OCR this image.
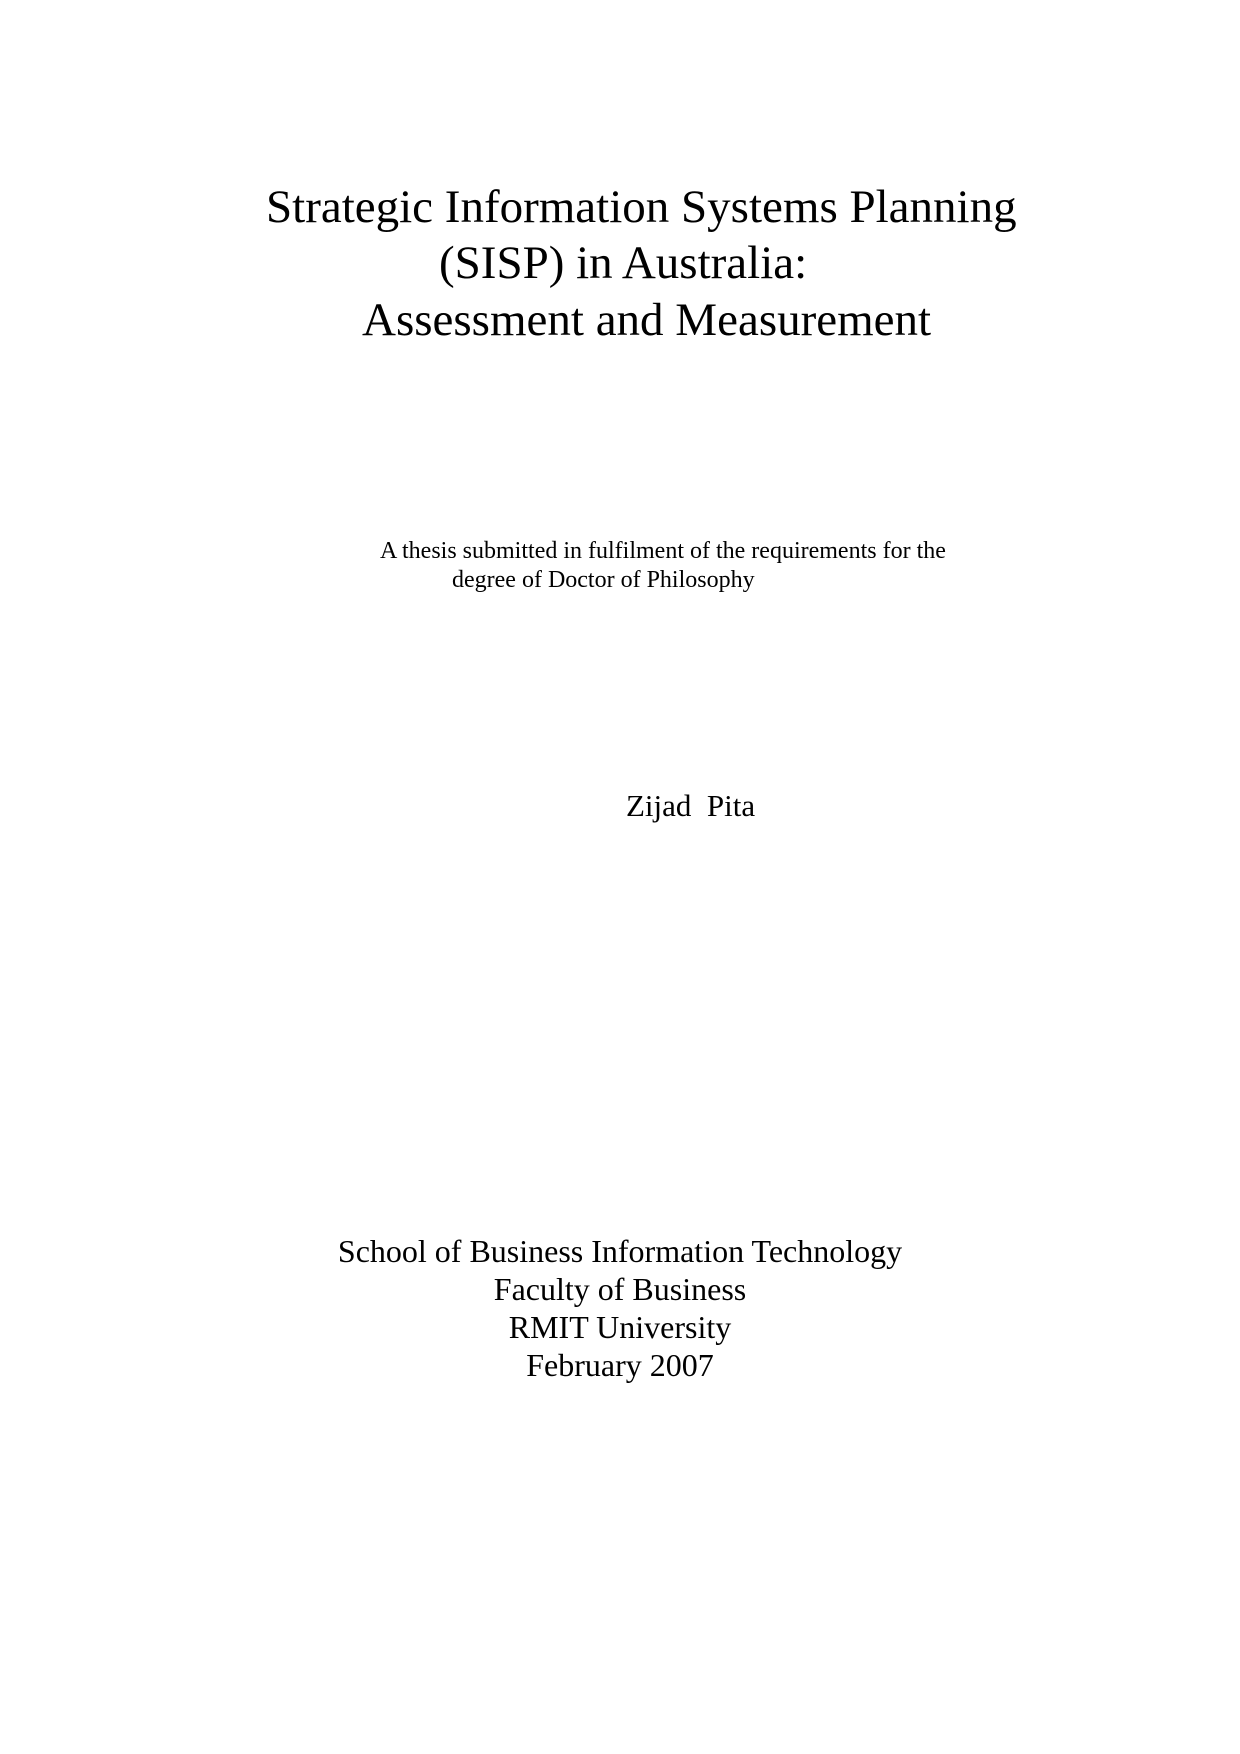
Strategic Information Systems Planning
(SISP) in Australia:
Assessment and Measurement
A thesis submitted in fulfilment of the requirements for the
degree of Doctor of Philosophy
Zijad  Pita
School of Business Information Technology
Faculty of Business
RMIT University
February 2007
